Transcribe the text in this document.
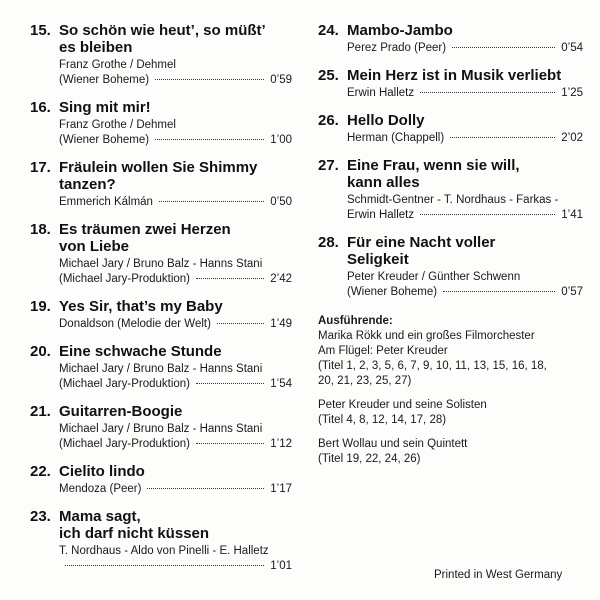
15. So schön wie heut’, so müßt’
es bleiben
Franz Grothe / Dehmel
(Wiener Boheme)	0’59
16. Sing mit mir!
Franz Grothe / Dehmel
(Wiener Boheme)	1’00
17. Fräulein wollen Sie Shimmy
tanzen?
Emmerich Kálmán	0’50
18. Es träumen zwei Herzen
von Liebe
Michael Jary / Bruno Balz - Hanns Stani
(Michael Jary-Produktion)	2’42
19. Yes Sir, that’s my Baby
Donaldson (Melodie der Welt)	1’49
20. Eine schwache Stunde
Michael Jary / Bruno Balz - Hanns Stani
(Michael Jary-Produktion)	1’54
21. Guitarren-Boogie
Michael Jary / Bruno Balz - Hanns Stani
(Michael Jary-Produktion)	1’12
22. Cielito lindo
Mendoza (Peer)	1’17
23. Mama sagt,
ich darf nicht küssen
T. Nordhaus - Aldo von Pinelli - E. Halletz
1’01
24. Mambo-Jambo
Perez Prado (Peer)	0’54
25. Mein Herz ist in Musik verliebt
Erwin Halletz	1’25
26. Hello Dolly
Herman (Chappell)	2’02
27. Eine Frau, wenn sie will,
kann alles
Schmidt-Gentner - T. Nordhaus - Farkas -
Erwin Halletz	1’41
28. Für eine Nacht voller
Seligkeit
Peter Kreuder / Günther Schwenn
(Wiener Boheme)	0’57
Ausführende:

Marika Rökk und ein großes Filmorchester
Am Flügel: Peter Kreuder
(Titel 1, 2, 3, 5, 6, 7, 9, 10, 11, 13, 15, 16, 18,
20, 21, 23, 25, 27)

Peter Kreuder und seine Solisten
(Titel 4, 8, 12, 14, 17, 28)

Bert Wollau und sein Quintett
(Titel 19, 22, 24, 26)

Printed in West Germany
